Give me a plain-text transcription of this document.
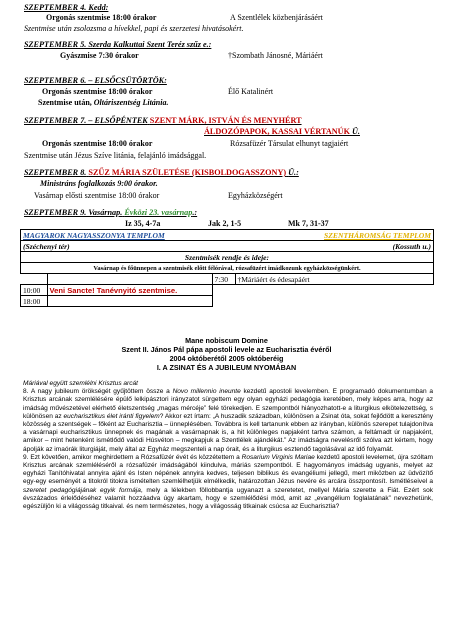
SZEPTEMBER 4. Kedd:
Orgonás szentmise 18:00 órakor	A Szentlélek közbenjárásáért
Szentmise után zsolozsma a hívekkel, papi és szerzetesi hivatásokért.
SZEPTEMBER 5. Szerda Kalkuttai Szent Teréz szűz e.:
Gyászmise 7:30 órakor	†Szombath Jánosné, Máriáért
SZEPTEMBER 6. – ELSŐCSÜTÖRTÖK:
Orgonás szentmise 18:00 órakor	Élő Katalinért
Szentmise után, Oltáriszentség Litánia.
SZEPTEMBER 7. – ELSŐPÉNTEK SZENT MÁRK, ISTVÁN ÉS MENYHÉRT
ÁLDOZÓPAPOK, KASSAI VÉRTANÚK Ü.
Orgonás szentmise 18:00 órakor	Rózsafüzér Társulat elhunyt tagjaiért
Szentmise után Jézus Szíve litánia, felajánló imádsággal.
SZEPTEMBER 8. SZŰZ MÁRIA SZÜLETÉSE (KISBOLDOGASSZONY) Ü.:
Ministráns foglalkozás 9:00 órakor.
Vasárnap elősti szentmise 18:00 órakor	Egyházközségért
SZEPTEMBER 9. Vasárnap. Évközi 23. vasárnap.:
Iz 35, 4-7a	Jak 2, 1-5	Mk 7, 31-37
MAGYAROK NAGYASSZONYA TEMPLOM		SZENTHÁROMSÁG TEMPLOM	
(Széchenyi tér)		(Kossuth u.)	
Szentmisék rendje és ideje:			
Vasárnap és főünnepen a szentmisék előtt félórával, rózsafüzért imádkozunk egyházközségünkért.			
		7:30	†Máriáért és édesapáért
10:00	Veni Sancte! Tanévnyitó szentmise.		
18:00			
Mane nobiscum Domine
Szent II. János Pál pápa apostoli levele az Eucharisztia évéről
2004 októberétől 2005 októberéig
I. A ZSINAT ÉS A JUBILEUM NYOMÁBAN

Máriával együtt szemlélni Krisztus arcát

8. A nagy jubileum örökségét gyűjtöttem össze a Novo millennio ineunte kezdetű apostoli levelemben. E programadó dokumentumban a Krisztus arcának szemlélésére épülő lelkipásztori irányzatot sürgettem egy olyan egyházi pedagógia keretében, mely képes arra, hogy az imádság művészetével elérhető életszentség „magas mércéje” felé törekedjen. E szempontból hiányozhatott-e a liturgikus elkötelezettség, s különösen az eucharisztikus élet iránti figyelem? Akkor ezt írtam: „A huszadik században, különösen a Zsinat óta, sokat fejlődött a keresztény közösség a szentségek – főként az Eucharisztia – ünneplésében. Továbbra is kell tartanunk ebben az irányban, különös szerepet tulajdonítva a vasárnapi eucharisztikus ünnepnek és magának a vasárnapnak is, a hit különleges napjaként tartva számon, a feltámadt úr napjaként, amikor – mint hetenként ismétlődő valódi Húsvéton – megkapjuk a Szentlélek ajándékát.” Az imádságra nevelésről szólva azt kértem, hogy ápolják az imaórák liturgiáját, mely által az Egyház megszenteli a nap órait, és a liturgikus esztendő tagolásával az idő folyamát.

9. Ezt követően, amikor meghirdettem a Rózsafüzér évét és közzétettem a Rosarium Virginis Mariae kezdetű apostoli levelemet, újra szóltam Krisztus arcának szemléléséről a rózsafüzér imádságából kiindulva, máriás szempontból. E hagyományos imádság ugyanis, melyet az egyházi Tanítóhivatal annyira ajánl és Isten népének annyira kedves, teljesen biblikus és evangéliumi jellegű, mert miközben az üdvözítő egy-egy eseményét a titokról titokra ismételten szemlélhetjük elmélkedik, határozottan Jézus nevére és arcára összpontosít. Ismétléseivel a szeretet pedagógiájának egyik formája, mely a lélekben föllobbantja ugyanazt a szeretetet, mellyel Mária szerette a Fiát. Ezért sok évszázados érlelődéséhez valamit hozzáadva úgy akartam, hogy e szemlélődési mód, amit az „evangélium foglalatának” nevezhetünk, egészüljön ki a világosság titkaival. és nem természetes, hogy a világosság titkainak csúcsa az Eucharisztia?
